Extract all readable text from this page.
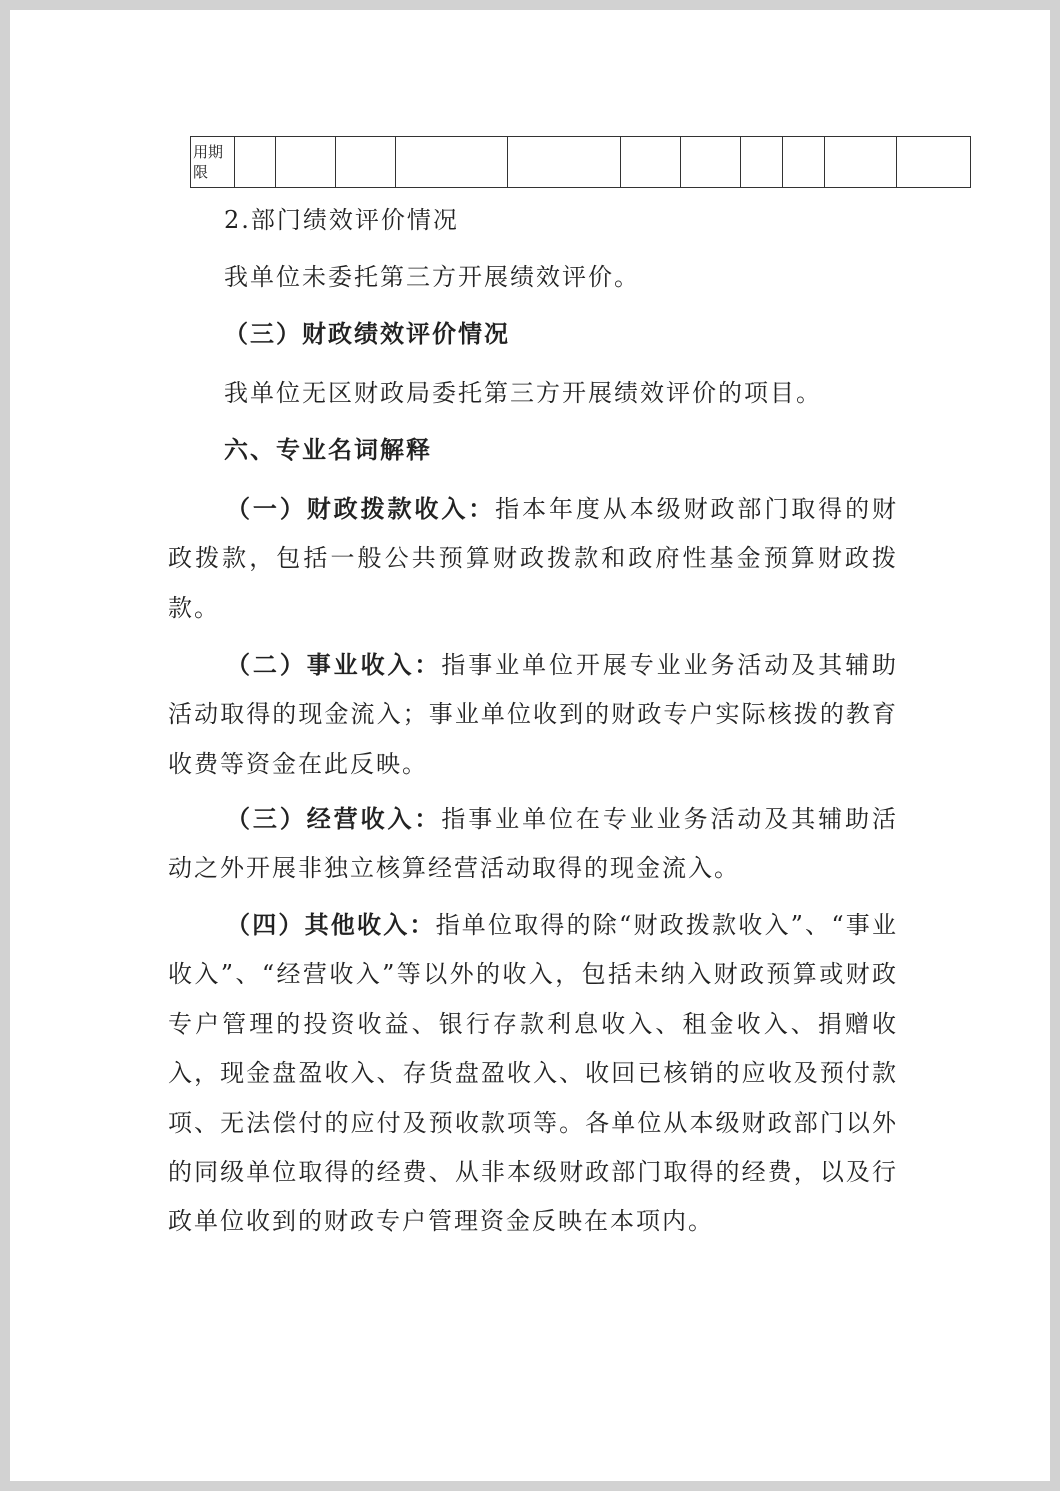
用期限											
2.部门绩效评价情况
我单位未委托第三方开展绩效评价。
（三）财政绩效评价情况
我单位无区财政局委托第三方开展绩效评价的项目。
六、专业名词解释
（一）财政拨款收入：指本年度从本级财政部门取得的财政拨款，包括一般公共预算财政拨款和政府性基金预算财政拨款。
（二）事业收入：指事业单位开展专业业务活动及其辅助活动取得的现金流入；事业单位收到的财政专户实际核拨的教育收费等资金在此反映。
（三）经营收入：指事业单位在专业业务活动及其辅助活动之外开展非独立核算经营活动取得的现金流入。
（四）其他收入：指单位取得的除“财政拨款收入”、“事业收入”、“经营收入”等以外的收入，包括未纳入财政预算或财政专户管理的投资收益、银行存款利息收入、租金收入、捐赠收入，现金盘盈收入、存货盘盈收入、收回已核销的应收及预付款项、无法偿付的应付及预收款项等。各单位从本级财政部门以外的同级单位取得的经费、从非本级财政部门取得的经费，以及行政单位收到的财政专户管理资金反映在本项内。
